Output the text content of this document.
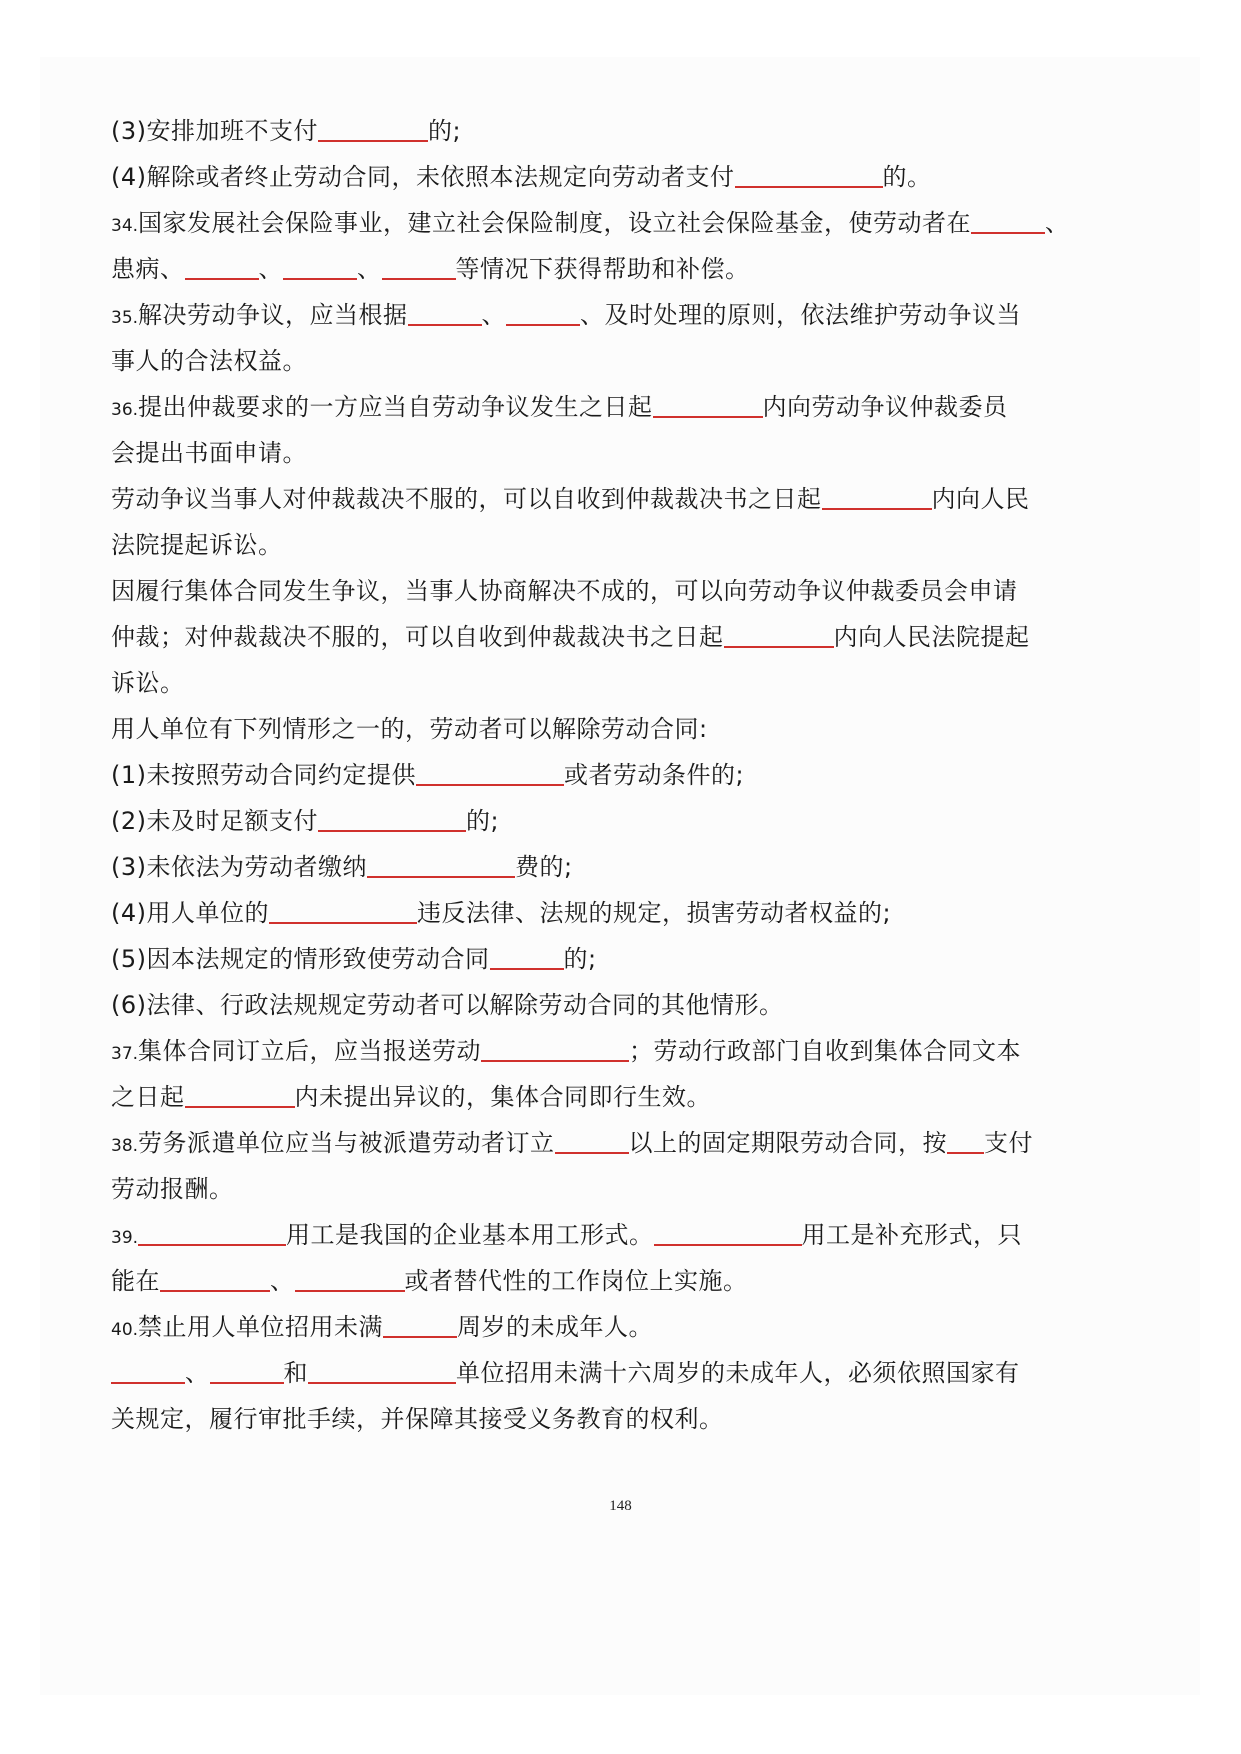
(3)安排加班不支付	的;
(4)解除或者终止劳动合同，未依照本法规定向劳动者支付	的。
34.国家发展社会保险事业，建立社会保险制度，设立社会保险基金，使劳动者在	、
患病、	、	、	等情况下获得帮助和补偿。
35.解决劳动争议，应当根据	、	、及时处理的原则，依法维护劳动争议当
事人的合法权益。
36.提出仲裁要求的一方应当自劳动争议发生之日起	内向劳动争议仲裁委员
会提出书面申请。
劳动争议当事人对仲裁裁决不服的，可以自收到仲裁裁决书之日起	内向人民
法院提起诉讼。
因履行集体合同发生争议，当事人协商解决不成的，可以向劳动争议仲裁委员会申请
仲裁；对仲裁裁决不服的，可以自收到仲裁裁决书之日起	内向人民法院提起
诉讼。
用人单位有下列情形之一的，劳动者可以解除劳动合同:
(1)未按照劳动合同约定提供	或者劳动条件的;
(2)未及时足额支付	的;
(3)未依法为劳动者缴纳	费的;
(4)用人单位的	违反法律、法规的规定，损害劳动者权益的;
(5)因本法规定的情形致使劳动合同	的;
(6)法律、行政法规规定劳动者可以解除劳动合同的其他情形。
37.集体合同订立后，应当报送劳动	；劳动行政部门自收到集体合同文本
之日起	内未提出异议的，集体合同即行生效。
38.劳务派遣单位应当与被派遣劳动者订立	以上的固定期限劳动合同，按 支付
劳动报酬。
39.	用工是我国的企业基本用工形式。	用工是补充形式，只
能在	、	或者替代性的工作岗位上实施。
40.禁止用人单位招用未满	周岁的未成年人。
、	和	单位招用未满十六周岁的未成年人，必须依照国家有
关规定，履行审批手续，并保障其接受义务教育的权利。
148
